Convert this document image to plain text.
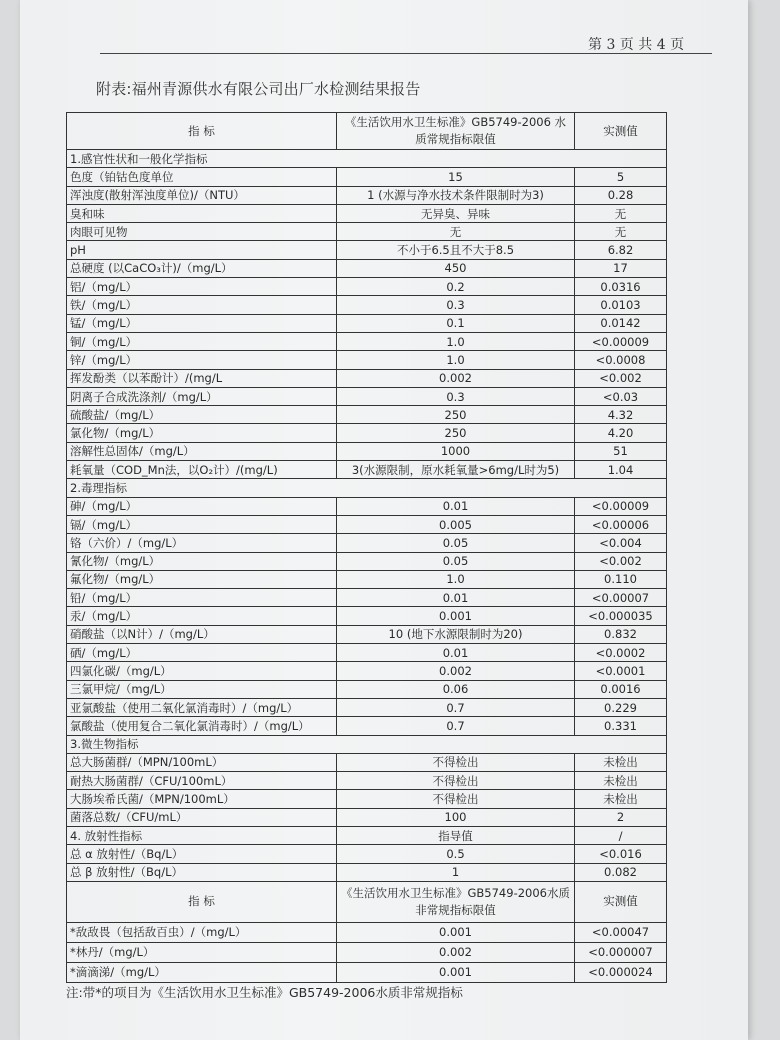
第 3 页 共 4 页
附表:福州青源供水有限公司出厂水检测结果报告
指 标	《生活饮用水卫生标准》GB5749-2006 水质常规指标限值	实测值
1.感官性状和一般化学指标		
色度（铂钴色度单位	15	5
浑浊度(散射浑浊度单位)/（NTU）	1 (水源与净水技术条件限制时为3)	0.28
臭和味	无异臭、异味	无
肉眼可见物	无	无
pH	不小于6.5且不大于8.5	6.82
总硬度 (以CaCO₃计)/（mg/L）	450	17
铝/（mg/L）	0.2	0.0316
铁/（mg/L）	0.3	0.0103
锰/（mg/L）	0.1	0.0142
铜/（mg/L）	1.0	<0.00009
锌/（mg/L）	1.0	<0.0008
挥发酚类（以苯酚计）/(mg/L	0.002	<0.002
阴离子合成洗涤剂/（mg/L）	0.3	<0.03
硫酸盐/（mg/L）	250	4.32
氯化物/（mg/L）	250	4.20
溶解性总固体/（mg/L）	1000	51
耗氧量（COD_Mn法，以O₂计）/(mg/L)	3(水源限制，原水耗氧量>6mg/L时为5)	1.04
2.毒理指标		
砷/（mg/L）	0.01	<0.00009
镉/（mg/L）	0.005	<0.00006
铬（六价）/（mg/L）	0.05	<0.004
氰化物/（mg/L）	0.05	<0.002
氟化物/（mg/L）	1.0	0.110
铅/（mg/L）	0.01	<0.00007
汞/（mg/L）	0.001	<0.000035
硝酸盐（以N计）/（mg/L）	10 (地下水源限制时为20)	0.832
硒/（mg/L）	0.01	<0.0002
四氯化碳/（mg/L）	0.002	<0.0001
三氯甲烷/（mg/L）	0.06	0.0016
亚氯酸盐（使用二氧化氯消毒时）/（mg/L）	0.7	0.229
氯酸盐（使用复合二氧化氯消毒时）/（mg/L）	0.7	0.331
3.微生物指标		
总大肠菌群/（MPN/100mL）	不得检出	未检出
耐热大肠菌群/（CFU/100mL）	不得检出	未检出
大肠埃希氏菌/（MPN/100mL）	不得检出	未检出
菌落总数/（CFU/mL）	100	2
4. 放射性指标	指导值	/
总 α 放射性/（Bq/L）	0.5	<0.016
总 β 放射性/（Bq/L）	1	0.082
指 标	《生活饮用水卫生标准》GB5749-2006水质非常规指标限值	实测值
*敌敌畏（包括敌百虫）/（mg/L）	0.001	<0.00047
*林丹/（mg/L）	0.002	<0.000007
*滴滴涕/（mg/L）	0.001	<0.000024
注:带*的项目为《生活饮用水卫生标准》GB5749-2006水质非常规指标
